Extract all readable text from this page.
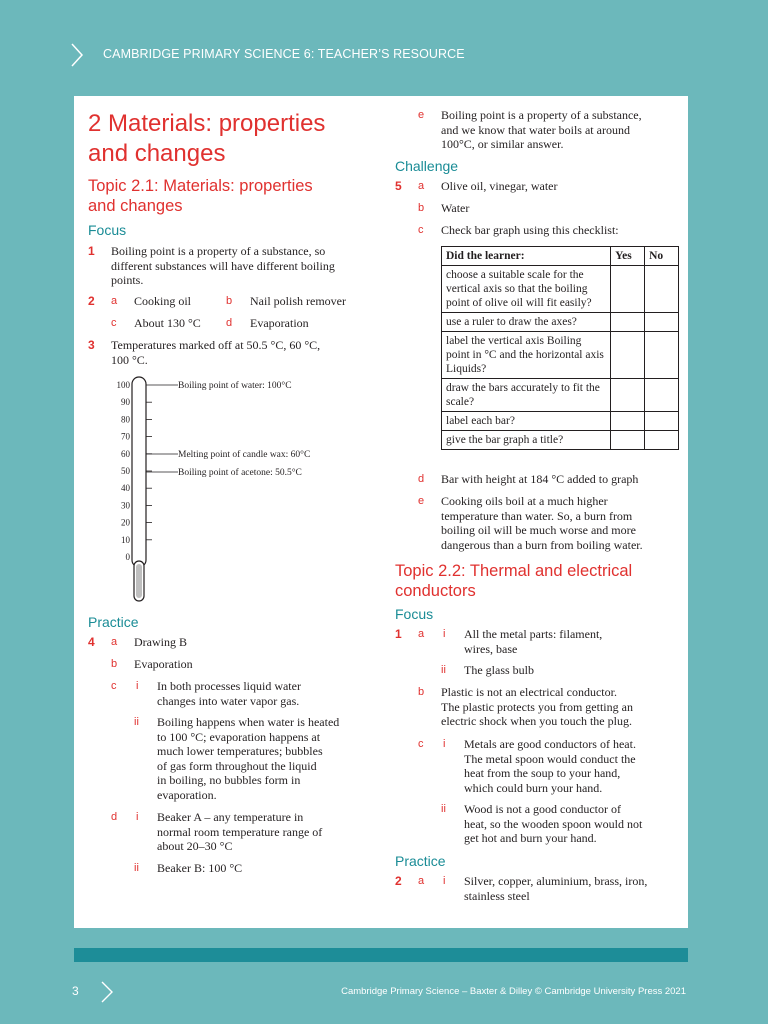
CAMBRIDGE PRIMARY SCIENCE 6: TEACHER’S RESOURCE
2 Materials: properties
and changes
Topic 2.1: Materials: properties
and changes
Focus
1 Boiling point is a property of a substance, so
different substances will have different boiling
points.
2 a Cooking oil	b Nail polish remover
c About 130 °C d Evaporation
3 Temperatures marked off at 50.5 °C, 60 °C,
100 °C.
100
90
80
70
60
50
40
30
20
10
0
Boiling point of water: 100°C
Melting point of candle wax: 60°C
Boiling point of acetone: 50.5°C
Practice
4 a Drawing B
b Evaporation
c i In both processes liquid water
changes into water vapor gas.
ii Boiling happens when water is heated
to 100 °C; evaporation happens at
much lower temperatures; bubbles
of gas form throughout the liquid
in boiling, no bubbles form in
evaporation.
d i Beaker A – any temperature in
normal room temperature range of
about 20–30 °C
ii Beaker B: 100 °C
e Boiling point is a property of a substance,
and we know that water boils at around
100°C, or similar answer.
Challenge
5 a Olive oil, vinegar, water
b Water
c Check bar graph using this checklist:
Did the learner:	Yes	No
choose a suitable scale for the vertical axis so that the boiling point of olive oil will fit easily?		
use a ruler to draw the axes?		
label the vertical axis Boiling point in °C and the horizontal axis Liquids?		
draw the bars accurately to fit the scale?		
label each bar?		
give the bar graph a title?		
d Bar with height at 184 °C added to graph
e Cooking oils boil at a much higher
temperature than water. So, a burn from
boiling oil will be much worse and more
dangerous than a burn from boiling water.
Topic 2.2: Thermal and electrical
conductors
Focus
1 a i All the metal parts: filament,
wires, base
ii The glass bulb
b Plastic is not an electrical conductor.
The plastic protects you from getting an
electric shock when you touch the plug.
c i Metals are good conductors of heat.
The metal spoon would conduct the
heat from the soup to your hand,
which could burn your hand.
ii Wood is not a good conductor of
heat, so the wooden spoon would not
get hot and burn your hand.
Practice
2 a i Silver, copper, aluminium, brass, iron,
stainless steel
3	Cambridge Primary Science – Baxter & Dilley © Cambridge University Press 2021
